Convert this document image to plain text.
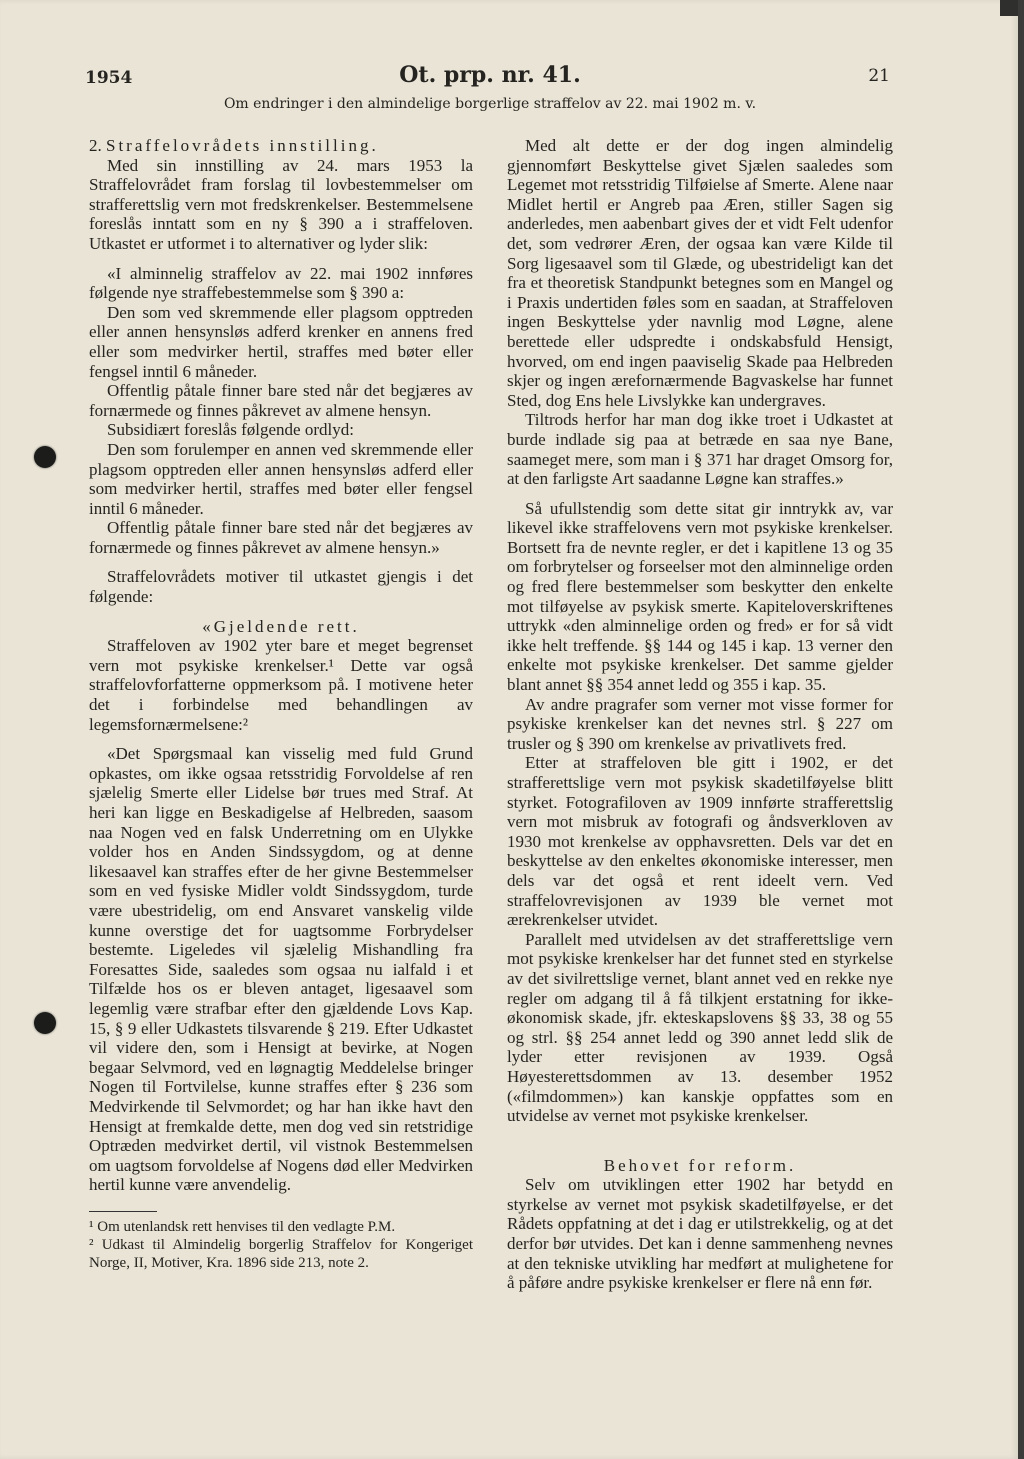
1954	Ot. prp. nr. 41.	21
Om endringer i den almindelige borgerlige straffelov av 22. mai 1902 m. v.

2. Straffelovrådets innstilling.

Med sin innstilling av 24. mars 1953 la Straffelovrådet fram forslag til lovbestemmelser om strafferettslig vern mot fredskrenkelser. Bestemmelsene foreslås inntatt som en ny § 390 a i straffeloven. Utkastet er utformet i to alternativer og lyder slik:

«I alminnelig straffelov av 22. mai 1902 innføres følgende nye straffebestemmelse som § 390 a:

Den som ved skremmende eller plagsom opptreden eller annen hensynsløs adferd krenker en annens fred eller som medvirker hertil, straffes med bøter eller fengsel inntil 6 måneder.

Offentlig påtale finner bare sted når det begjæres av fornærmede og finnes påkrevet av almene hensyn.

Subsidiært foreslås følgende ordlyd:

Den som forulemper en annen ved skremmende eller plagsom opptreden eller annen hensynsløs adferd eller som medvirker hertil, straffes med bøter eller fengsel inntil 6 måneder.

Offentlig påtale finner bare sted når det begjæres av fornærmede og finnes påkrevet av almene hensyn.»

Straffelovrådets motiver til utkastet gjengis i det følgende:

«Gjeldende rett.

Straffeloven av 1902 yter bare et meget begrenset vern mot psykiske krenkelser.¹ Dette var også straffelovforfatterne oppmerksom på. I motivene heter det i forbindelse med behandlingen av legemsfornærmelsene:²

«Det Spørgsmaal kan visselig med fuld Grund opkastes, om ikke ogsaa retsstridig Forvoldelse af ren sjælelig Smerte eller Lidelse bør trues med Straf. At heri kan ligge en Beskadigelse af Helbreden, saasom naa Nogen ved en falsk Underretning om en Ulykke volder hos en Anden Sindssygdom, og at denne likesaavel kan straffes efter de her givne Bestemmelser som en ved fysiske Midler voldt Sindssygdom, turde være ubestridelig, om end Ansvaret vanskelig vilde kunne overstige det for uagtsomme Forbrydelser bestemte. Ligeledes vil sjælelig Mishandling fra Foresattes Side, saaledes som ogsaa nu ialfald i et Tilfælde hos os er bleven antaget, ligesaavel som legemlig være strafbar efter den gjældende Lovs Kap. 15, § 9 eller Udkastets tilsvarende § 219. Efter Udkastet vil videre den, som i Hensigt at bevirke, at Nogen begaar Selvmord, ved en løgnagtig Meddelelse bringer Nogen til Fortvilelse, kunne straffes efter § 236 som Medvirkende til Selvmordet; og har han ikke havt den Hensigt at fremkalde dette, men dog ved sin retstridige Optræden medvirket dertil, vil vistnok Bestemmelsen om uagtsom forvoldelse af Nogens død eller Medvirken hertil kunne være anvendelig.

¹ Om utenlandsk rett henvises til den vedlagte P.M.

² Udkast til Almindelig borgerlig Straffelov for Kongeriget Norge, II, Motiver, Kra. 1896 side 213, note 2.

Med alt dette er der dog ingen almindelig gjennomført Beskyttelse givet Sjælen saaledes som Legemet mot retsstridig Tilføielse af Smerte. Alene naar Midlet hertil er Angreb paa Æren, stiller Sagen sig anderledes, men aabenbart gives der et vidt Felt udenfor det, som vedrører Æren, der ogsaa kan være Kilde til Sorg ligesaavel som til Glæde, og ubestrideligt kan det fra et theoretisk Standpunkt betegnes som en Mangel og i Praxis undertiden føles som en saadan, at Straffeloven ingen Beskyttelse yder navnlig mod Løgne, alene berettede eller udspredte i ondskabsfuld Hensigt, hvorved, om end ingen paaviselig Skade paa Helbreden skjer og ingen ærefornærmende Bagvaskelse har funnet Sted, dog Ens hele Livslykke kan undergraves.

Tiltrods herfor har man dog ikke troet i Udkastet at burde indlade sig paa at betræde en saa nye Bane, saameget mere, som man i § 371 har draget Omsorg for, at den farligste Art saadanne Løgne kan straffes.»

Så ufullstendig som dette sitat gir inntrykk av, var likevel ikke straffelovens vern mot psykiske krenkelser. Bortsett fra de nevnte regler, er det i kapitlene 13 og 35 om forbrytelser og forseelser mot den alminnelige orden og fred flere bestemmelser som beskytter den enkelte mot tilføyelse av psykisk smerte. Kapiteloverskriftenes uttrykk «den alminnelige orden og fred» er for så vidt ikke helt treffende. §§ 144 og 145 i kap. 13 verner den enkelte mot psykiske krenkelser. Det samme gjelder blant annet §§ 354 annet ledd og 355 i kap. 35.

Av andre pragrafer som verner mot visse former for psykiske krenkelser kan det nevnes strl. § 227 om trusler og § 390 om krenkelse av privatlivets fred.

Etter at straffeloven ble gitt i 1902, er det strafferettslige vern mot psykisk skadetilføyelse blitt styrket. Fotografiloven av 1909 innførte strafferettslig vern mot misbruk av fotografi og åndsverkloven av 1930 mot krenkelse av opphavsretten. Dels var det en beskyttelse av den enkeltes økonomiske interesser, men dels var det også et rent ideelt vern. Ved straffelovrevisjonen av 1939 ble vernet mot ærekrenkelser utvidet.

Parallelt med utvidelsen av det strafferettslige vern mot psykiske krenkelser har det funnet sted en styrkelse av det sivilrettslige vernet, blant annet ved en rekke nye regler om adgang til å få tilkjent erstatning for ikke-økonomisk skade, jfr. ekteskapslovens §§ 33, 38 og 55 og strl. §§ 254 annet ledd og 390 annet ledd slik de lyder etter revisjonen av 1939. Også Høyesterettsdommen av 13. desember 1952 («filmdommen») kan kanskje oppfattes som en utvidelse av vernet mot psykiske krenkelser.

Behovet for reform.

Selv om utviklingen etter 1902 har betydd en styrkelse av vernet mot psykisk skadetilføyelse, er det Rådets oppfatning at det i dag er utilstrekkelig, og at det derfor bør utvides. Det kan i denne sammenheng nevnes at den tekniske utvikling har medført at mulighetene for å påføre andre psykiske krenkelser er flere nå enn før.
